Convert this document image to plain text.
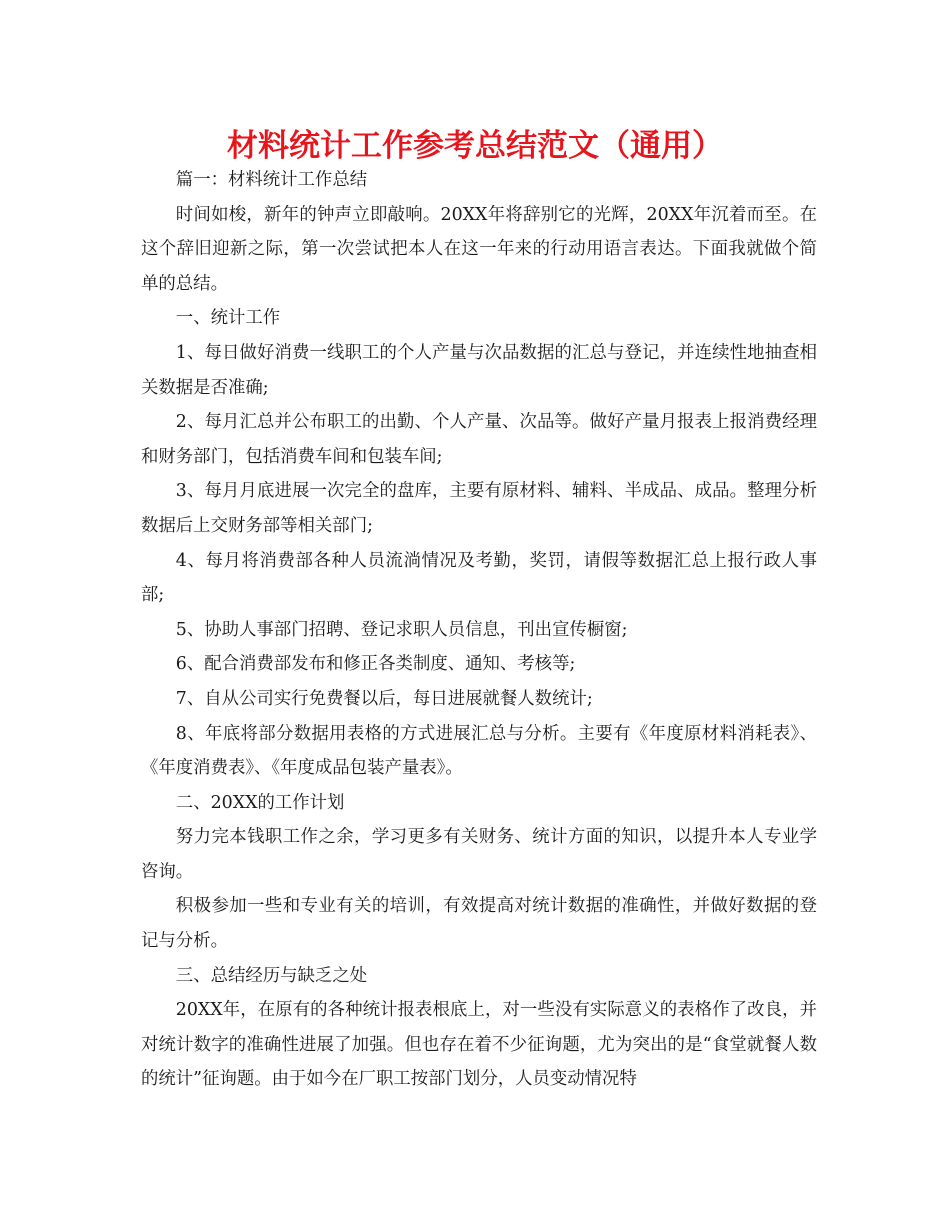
材料统计工作参考总结范文（通用）

篇一：材料统计工作总结

时间如梭，新年的钟声立即敲响。20XX年将辞别它的光辉，20XX年沉着而至。在这个辞旧迎新之际，第一次尝试把本人在这一年来的行动用语言表达。下面我就做个简单的总结。

一、统计工作

1、每日做好消费一线职工的个人产量与次品数据的汇总与登记，并连续性地抽查相关数据是否准确;

2、每月汇总并公布职工的出勤、个人产量、次品等。做好产量月报表上报消费经理和财务部门，包括消费车间和包装车间;

3、每月月底进展一次完全的盘库，主要有原材料、辅料、半成品、成品。整理分析数据后上交财务部等相关部门;

4、每月将消费部各种人员流淌情况及考勤，奖罚，请假等数据汇总上报行政人事部;

5、协助人事部门招聘、登记求职人员信息，刊出宣传橱窗;

6、配合消费部发布和修正各类制度、通知、考核等;

7、自从公司实行免费餐以后，每日进展就餐人数统计;

8、年底将部分数据用表格的方式进展汇总与分析。主要有《年度原材料消耗表》、《年度消费表》、《年度成品包装产量表》。

二、20XX的工作计划

努力完本钱职工作之余，学习更多有关财务、统计方面的知识，以提升本人专业学咨询。

积极参加一些和专业有关的培训，有效提高对统计数据的准确性，并做好数据的登记与分析。

三、总结经历与缺乏之处

20XX年，在原有的各种统计报表根底上，对一些没有实际意义的表格作了改良，并对统计数字的准确性进展了加强。但也存在着不少征询题，尤为突出的是“食堂就餐人数的统计”征询题。由于如今在厂职工按部门划分，人员变动情况特
